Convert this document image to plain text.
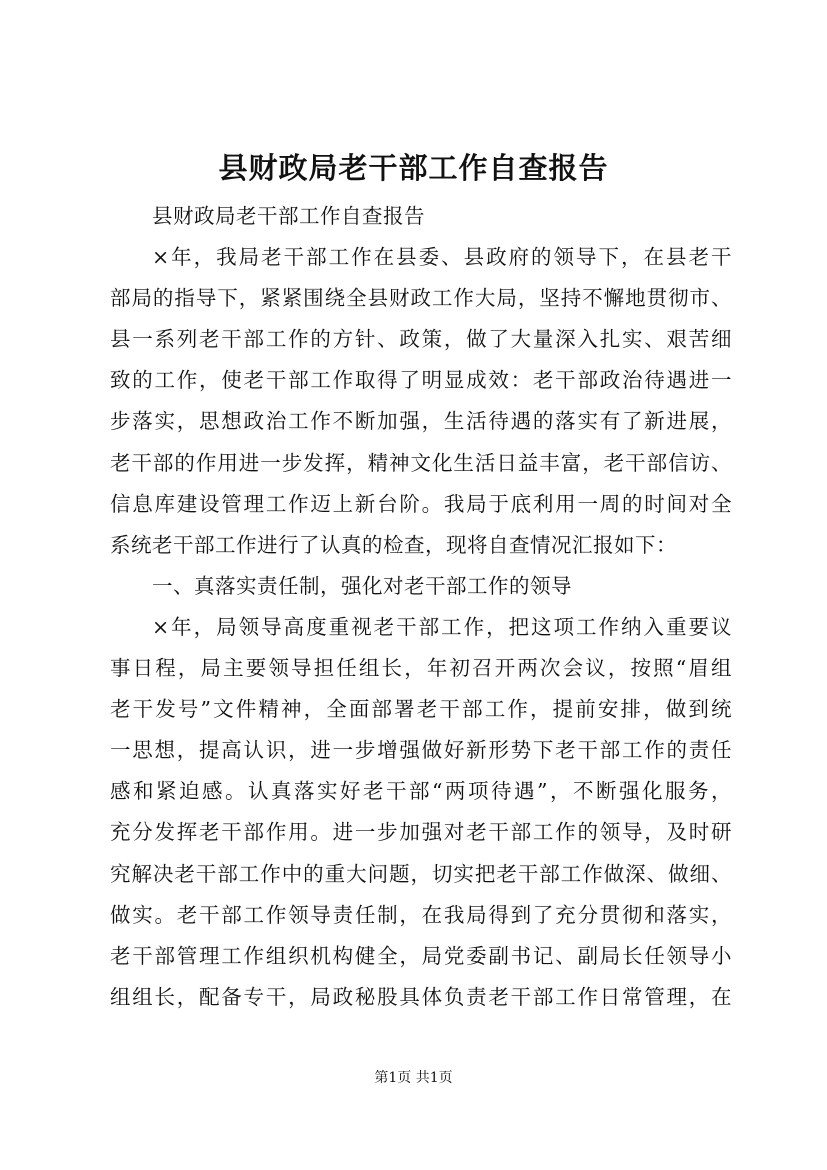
县财政局老干部工作自查报告
县财政局老干部工作自查报告
×年，我局老干部工作在县委、县政府的领导下，在县老干
部局的指导下，紧紧围绕全县财政工作大局，坚持不懈地贯彻市、
县一系列老干部工作的方针、政策，做了大量深入扎实、艰苦细
致的工作，使老干部工作取得了明显成效：老干部政治待遇进一
步落实，思想政治工作不断加强，生活待遇的落实有了新进展，
老干部的作用进一步发挥，精神文化生活日益丰富，老干部信访、
信息库建设管理工作迈上新台阶。我局于底利用一周的时间对全
系统老干部工作进行了认真的检查，现将自查情况汇报如下：
一、真落实责任制，强化对老干部工作的领导
×年，局领导高度重视老干部工作，把这项工作纳入重要议
事日程，局主要领导担任组长，年初召开两次会议，按照“眉组
老干发号”文件精神，全面部署老干部工作，提前安排，做到统
一思想，提高认识，进一步增强做好新形势下老干部工作的责任
感和紧迫感。认真落实好老干部“两项待遇”，不断强化服务，
充分发挥老干部作用。进一步加强对老干部工作的领导，及时研
究解决老干部工作中的重大问题，切实把老干部工作做深、做细、
做实。老干部工作领导责任制，在我局得到了充分贯彻和落实，
老干部管理工作组织机构健全，局党委副书记、副局长任领导小
组组长，配备专干，局政秘股具体负责老干部工作日常管理，在
第1页 共1页
